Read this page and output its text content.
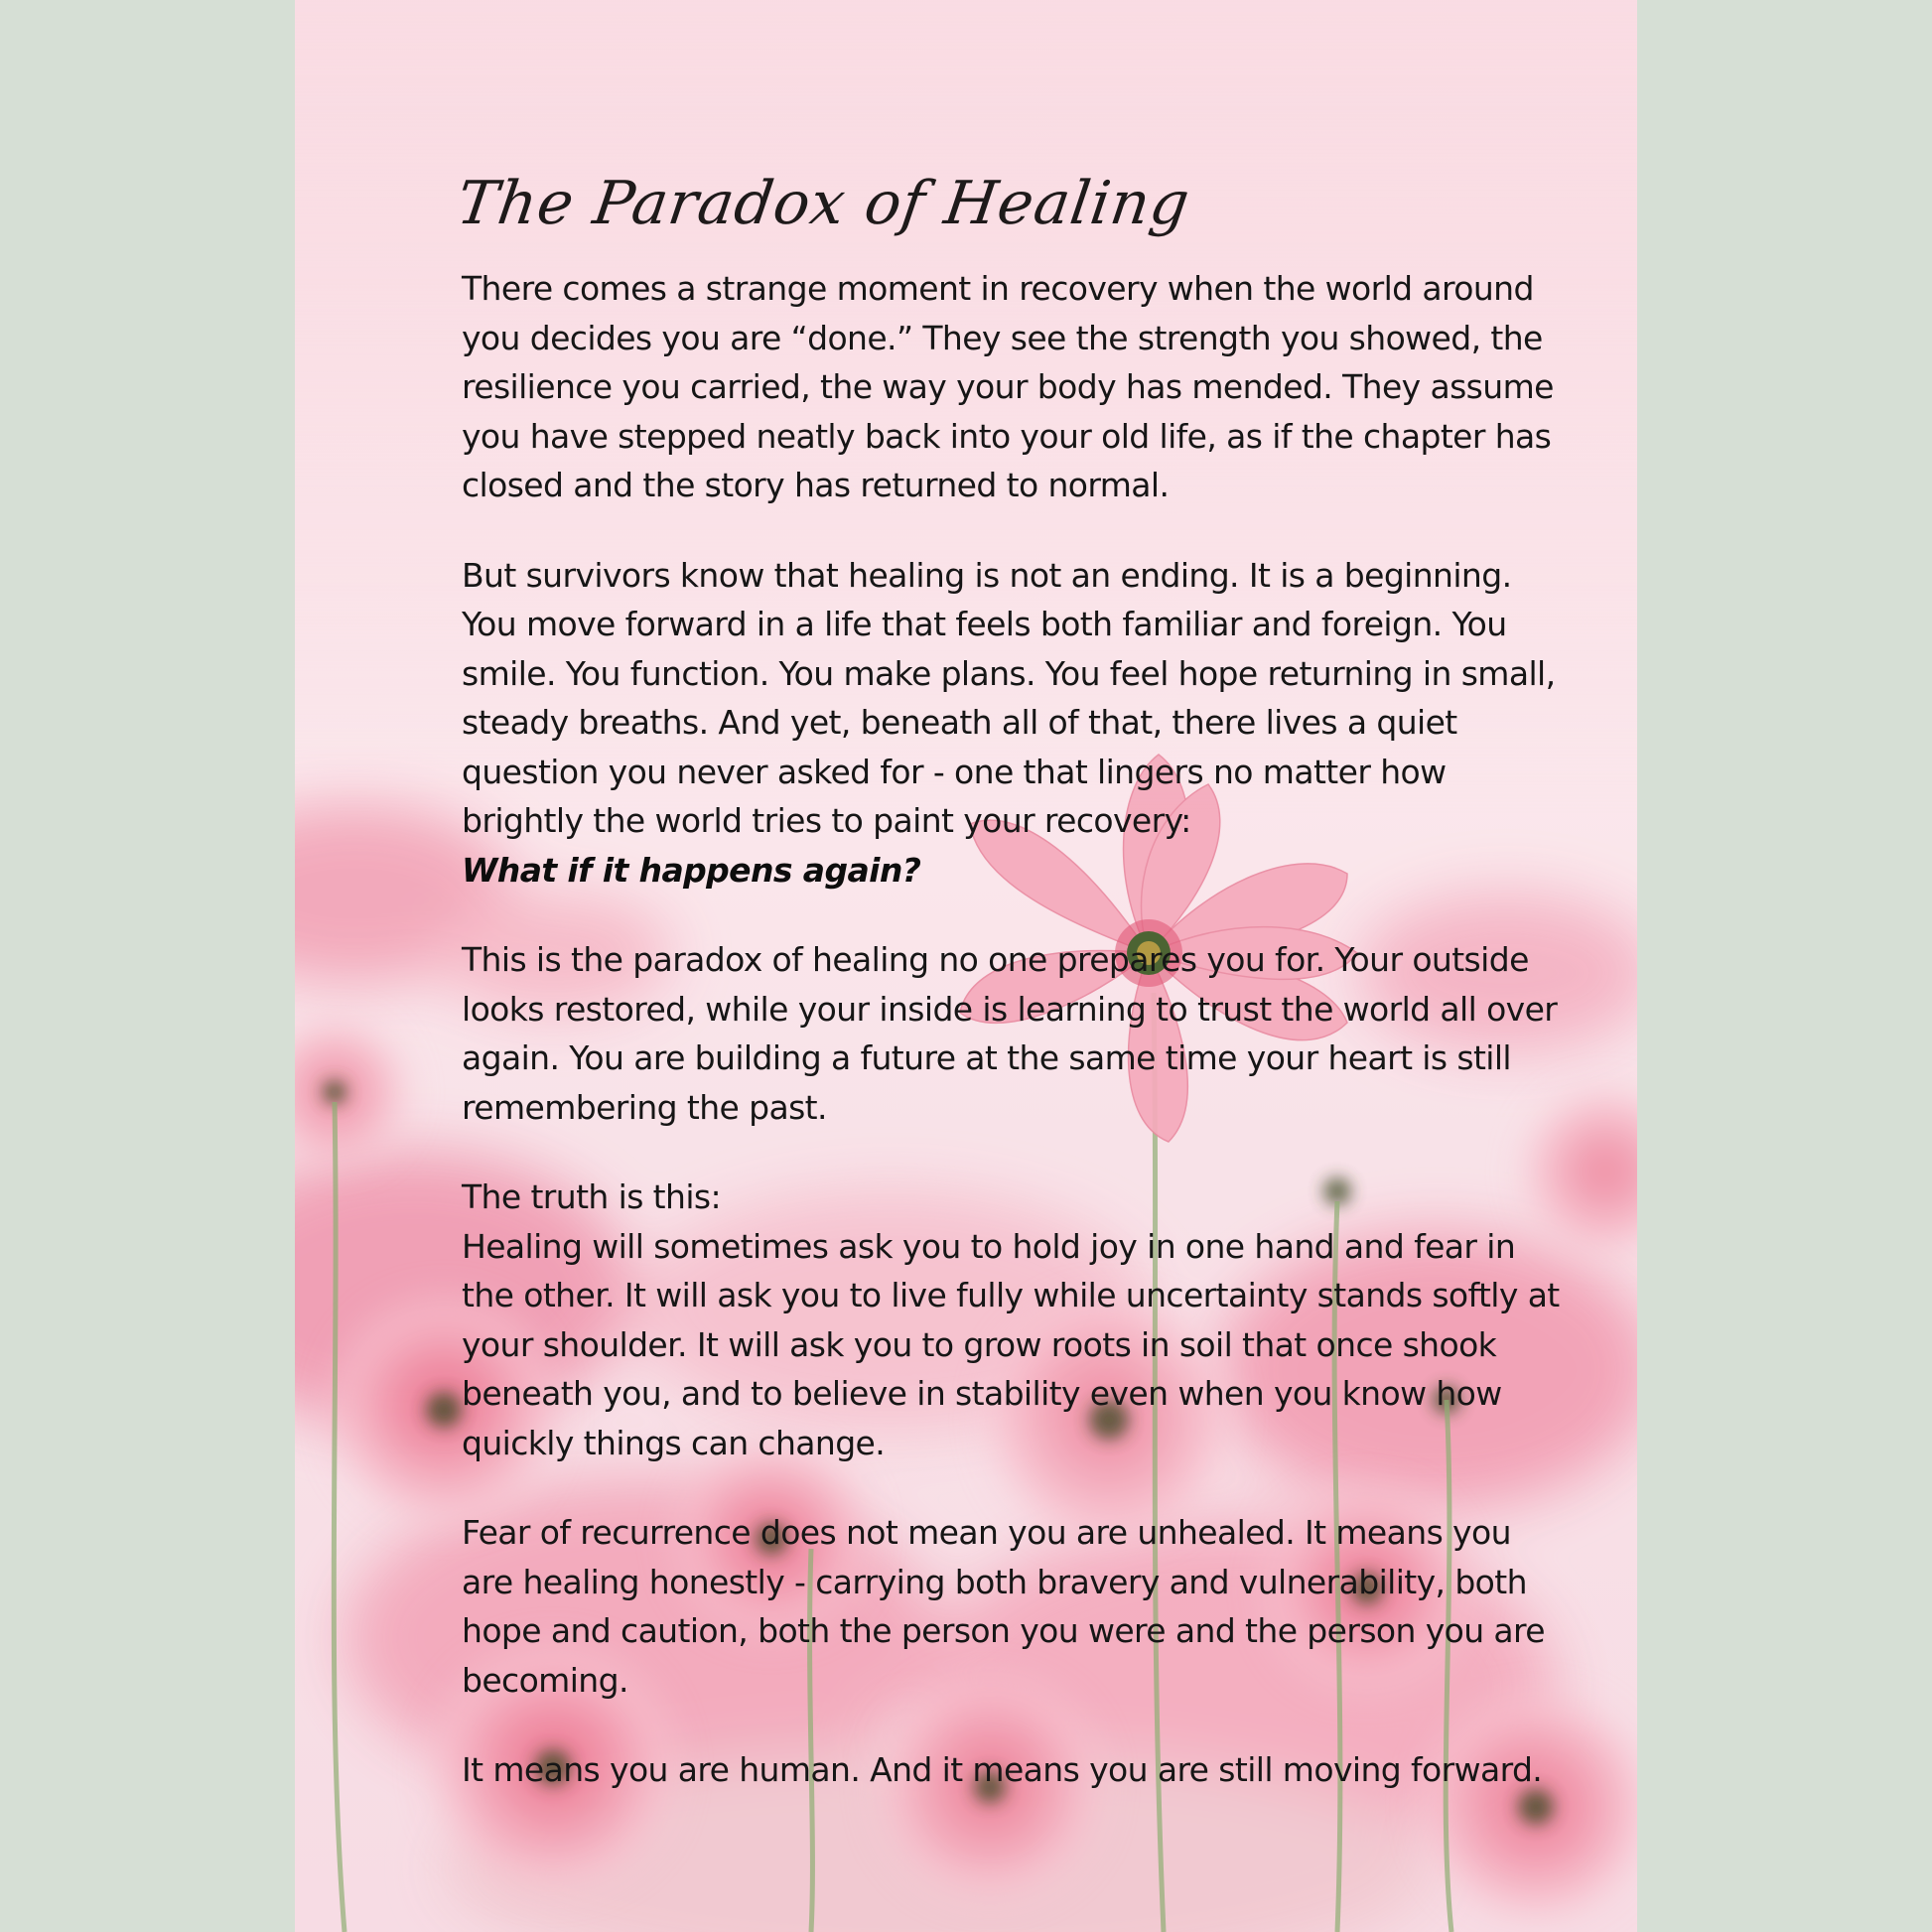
The Paradox of Healing
There comes a strange moment in recovery when the world around
you decides you are “done.” They see the strength you showed, the
resilience you carried, the way your body has mended. They assume
you have stepped neatly back into your old life, as if the chapter has
closed and the story has returned to normal.
But survivors know that healing is not an ending. It is a beginning.
You move forward in a life that feels both familiar and foreign. You
smile. You function. You make plans. You feel hope returning in small,
steady breaths. And yet, beneath all of that, there lives a quiet
question you never asked for - one that lingers no matter how
brightly the world tries to paint your recovery:
What if it happens again?
This is the paradox of healing no one prepares you for. Your outside
looks restored, while your inside is learning to trust the world all over
again. You are building a future at the same time your heart is still
remembering the past.
The truth is this:
Healing will sometimes ask you to hold joy in one hand and fear in
the other. It will ask you to live fully while uncertainty stands softly at
your shoulder. It will ask you to grow roots in soil that once shook
beneath you, and to believe in stability even when you know how
quickly things can change.
Fear of recurrence does not mean you are unhealed. It means you
are healing honestly - carrying both bravery and vulnerability, both
hope and caution, both the person you were and the person you are
becoming.
It means you are human. And it means you are still moving forward.
